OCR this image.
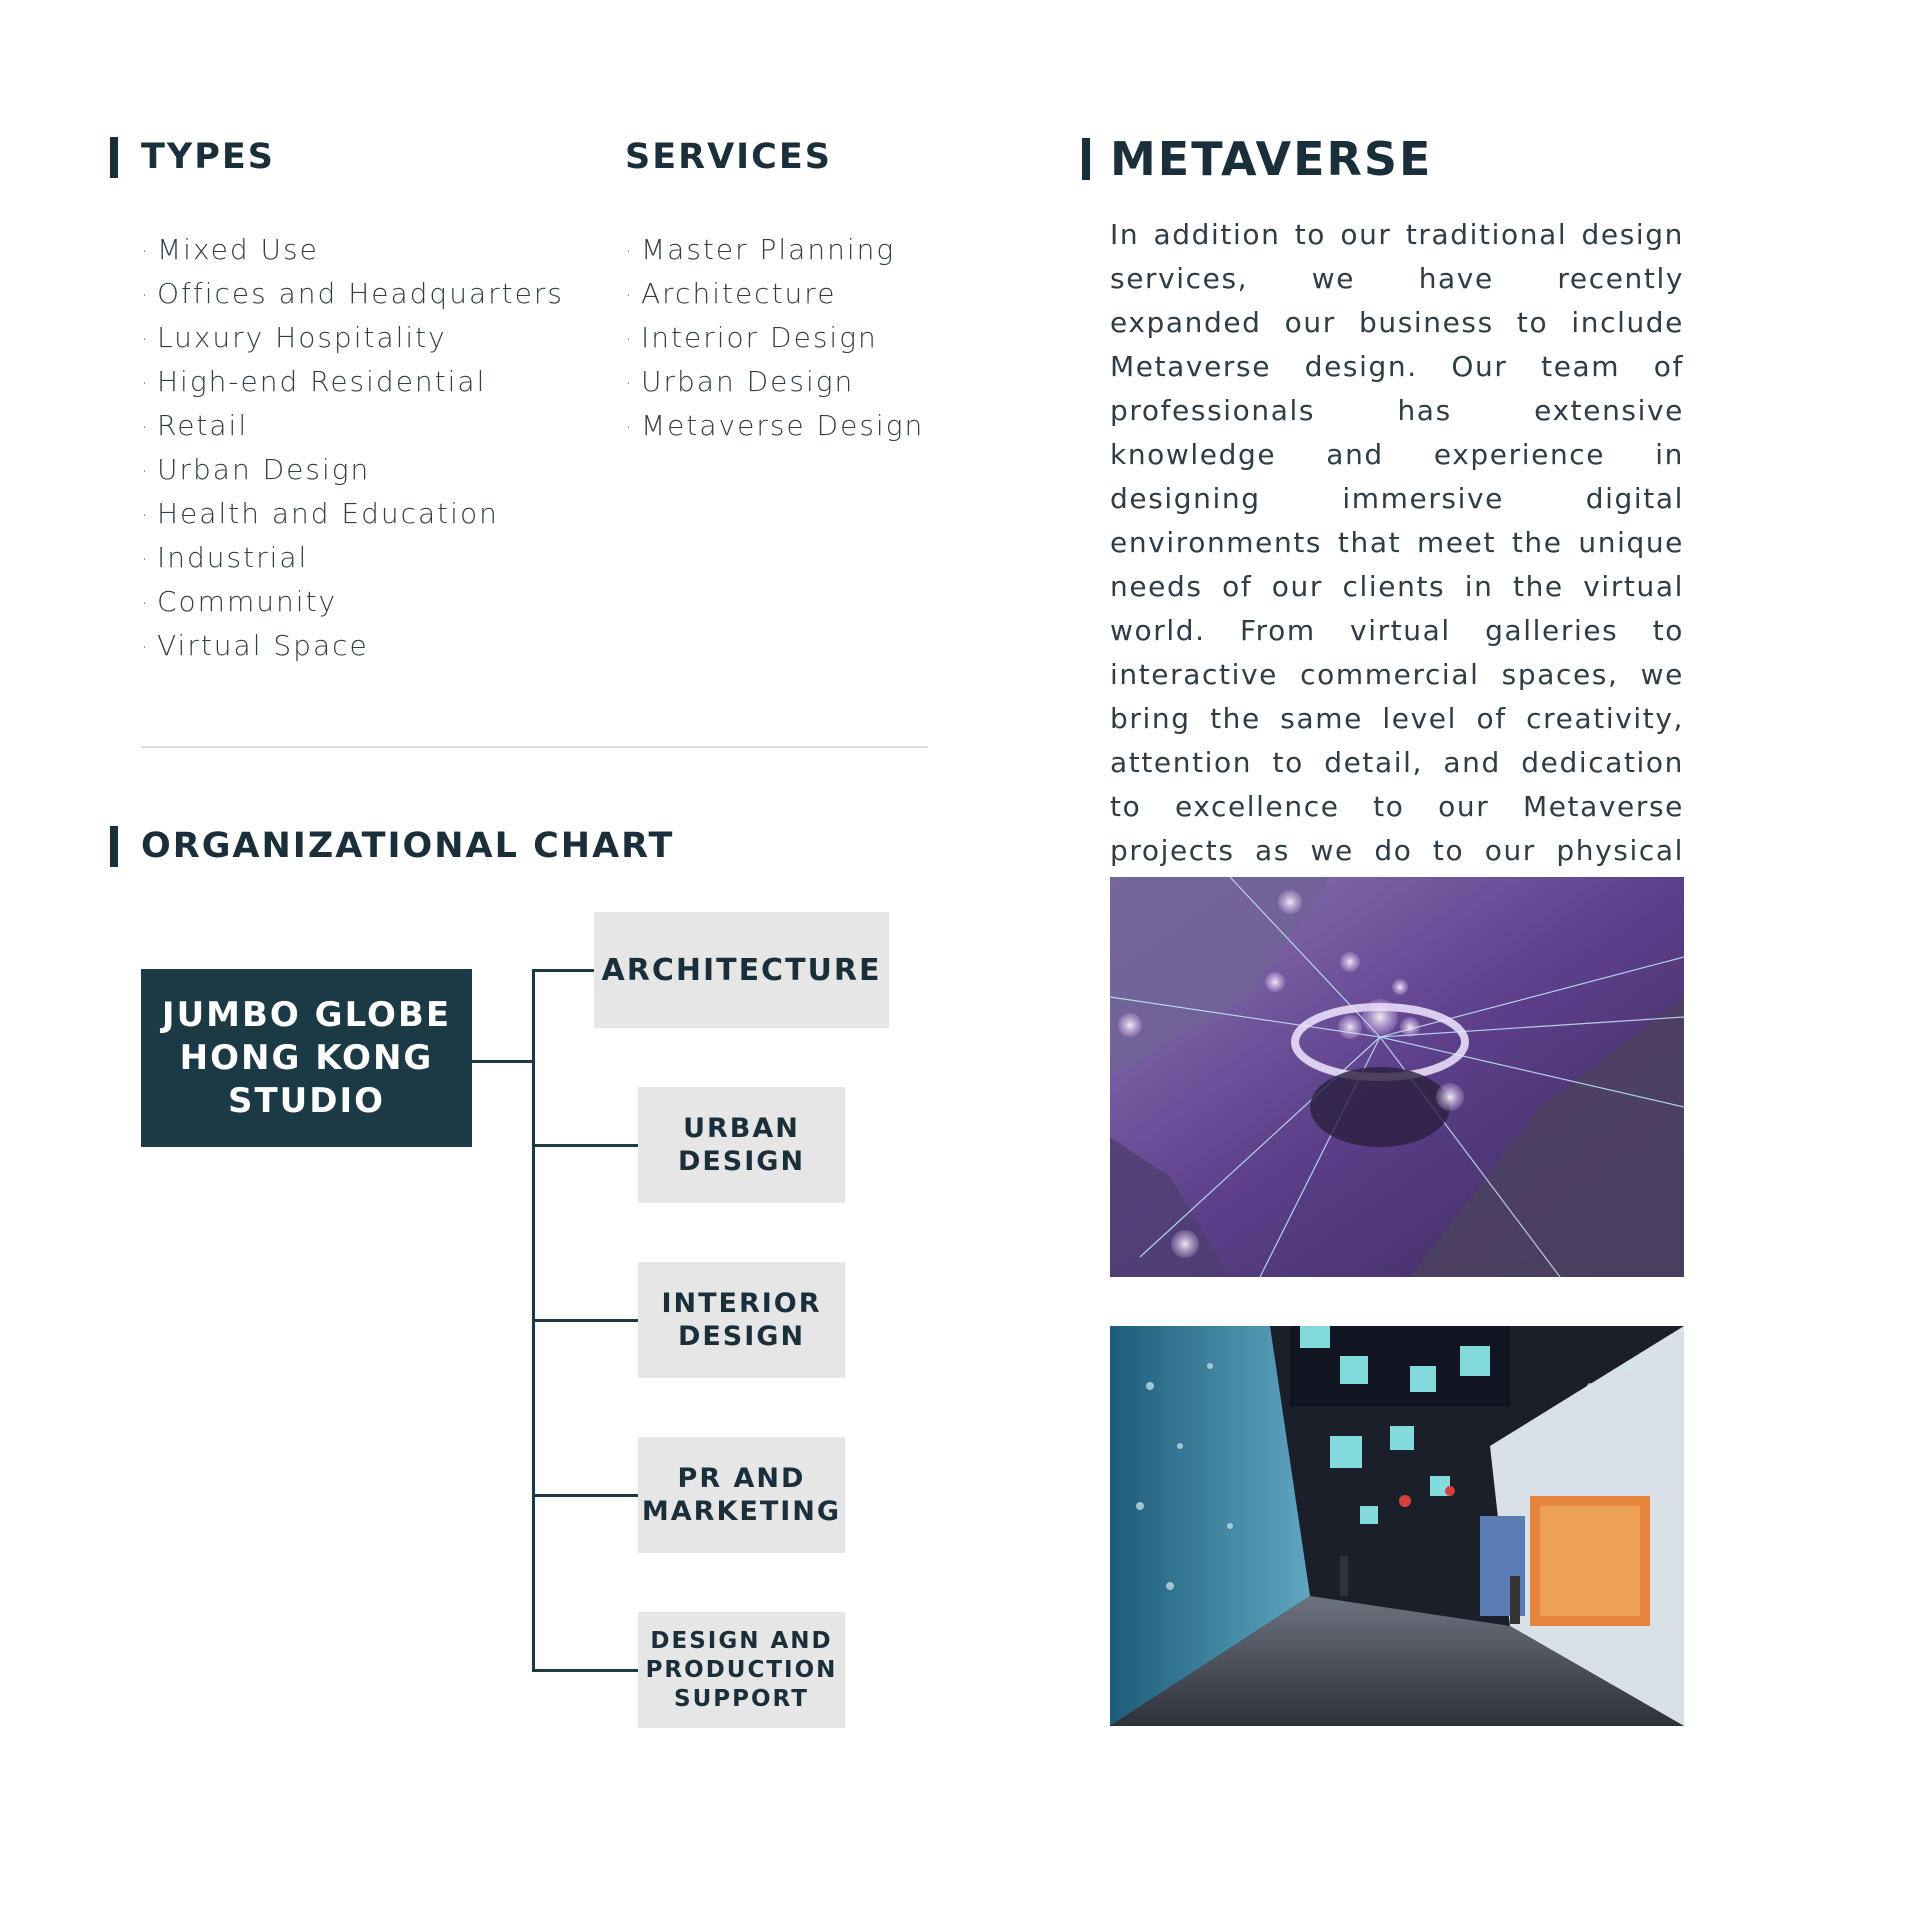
TYPES
· Mixed Use
· Offices and Headquarters
· Luxury Hospitality
· High-end Residential
· Retail
· Urban Design
· Health and Education
· Industrial
· Community
· Virtual Space
SERVICES
· Master Planning
· Architecture
· Interior Design
· Urban Design
· Metaverse Design
ORGANIZATIONAL CHART
JUMBO GLOBE
HONG KONG
STUDIO
ARCHITECTURE
URBAN
DESIGN
INTERIOR
DESIGN
PR AND
MARKETING
DESIGN AND
PRODUCTION
SUPPORT
METAVERSE
In addition to our traditional design services, we have recently expanded our business to include Metaverse design. Our team of professionals has extensive knowledge and experience in designing immersive digital environments that meet the unique needs of our clients in the virtual world. From virtual galleries to interactive commercial spaces, we bring the same level of creativity, attention to detail, and dedication to excellence to our Metaverse projects as we do to our physical
